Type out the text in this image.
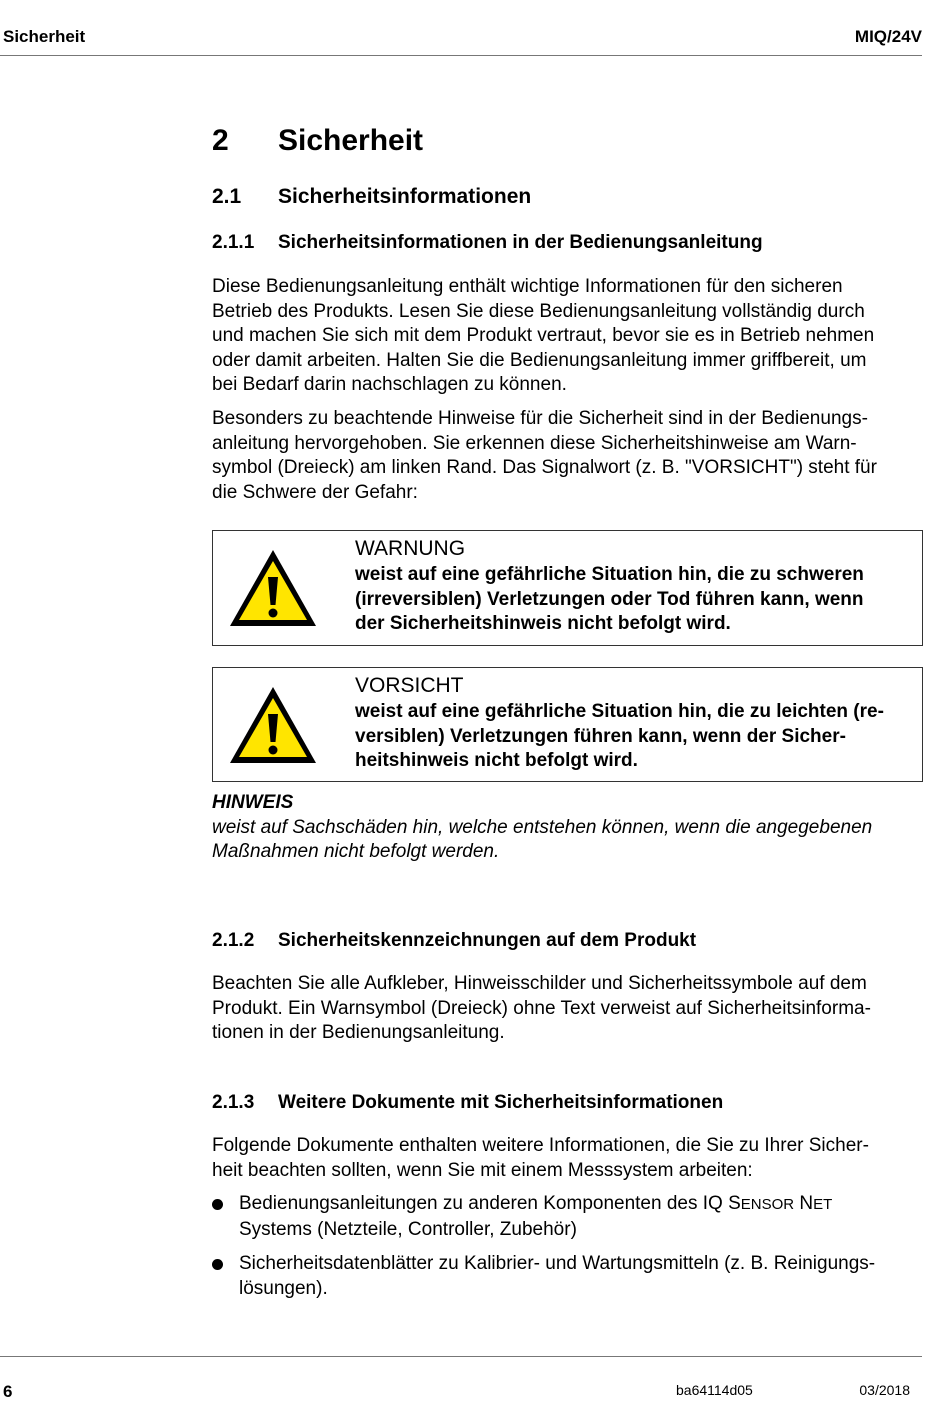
Sicherheit	MIQ/24V
2 Sicherheit
2.1 Sicherheitsinformationen
2.1.1 Sicherheitsinformationen in der Bedienungsanleitung
Diese Bedienungsanleitung enthält wichtige Informationen für den sicheren
Betrieb des Produkts. Lesen Sie diese Bedienungsanleitung vollständig durch
und machen Sie sich mit dem Produkt vertraut, bevor sie es in Betrieb nehmen
oder damit arbeiten. Halten Sie die Bedienungsanleitung immer griffbereit, um
bei Bedarf darin nachschlagen zu können.
Besonders zu beachtende Hinweise für die Sicherheit sind in der Bedienungs-
anleitung hervorgehoben. Sie erkennen diese Sicherheitshinweise am Warn-
symbol (Dreieck) am linken Rand. Das Signalwort (z. B. "VORSICHT") steht für
die Schwere der Gefahr:
WARNUNG
weist auf eine gefährliche Situation hin, die zu schweren
(irreversiblen) Verletzungen oder Tod führen kann, wenn
der Sicherheitshinweis nicht befolgt wird.
VORSICHT
weist auf eine gefährliche Situation hin, die zu leichten (re-
versiblen) Verletzungen führen kann, wenn der Sicher-
heitshinweis nicht befolgt wird.
HINWEIS
weist auf Sachschäden hin, welche entstehen können, wenn die angegebenen
Maßnahmen nicht befolgt werden.
2.1.2 Sicherheitskennzeichnungen auf dem Produkt
Beachten Sie alle Aufkleber, Hinweisschilder und Sicherheitssymbole auf dem
Produkt. Ein Warnsymbol (Dreieck) ohne Text verweist auf Sicherheitsinforma-
tionen in der Bedienungsanleitung.
2.1.3 Weitere Dokumente mit Sicherheitsinformationen
Folgende Dokumente enthalten weitere Informationen, die Sie zu Ihrer Sicher-
heit beachten sollten, wenn Sie mit einem Messsystem arbeiten:
Bedienungsanleitungen zu anderen Komponenten des IQ SENSOR NET
Systems (Netzteile, Controller, Zubehör)
Sicherheitsdatenblätter zu Kalibrier- und Wartungsmitteln (z. B. Reinigungs-
lösungen).
6	ba64114d05	03/2018
